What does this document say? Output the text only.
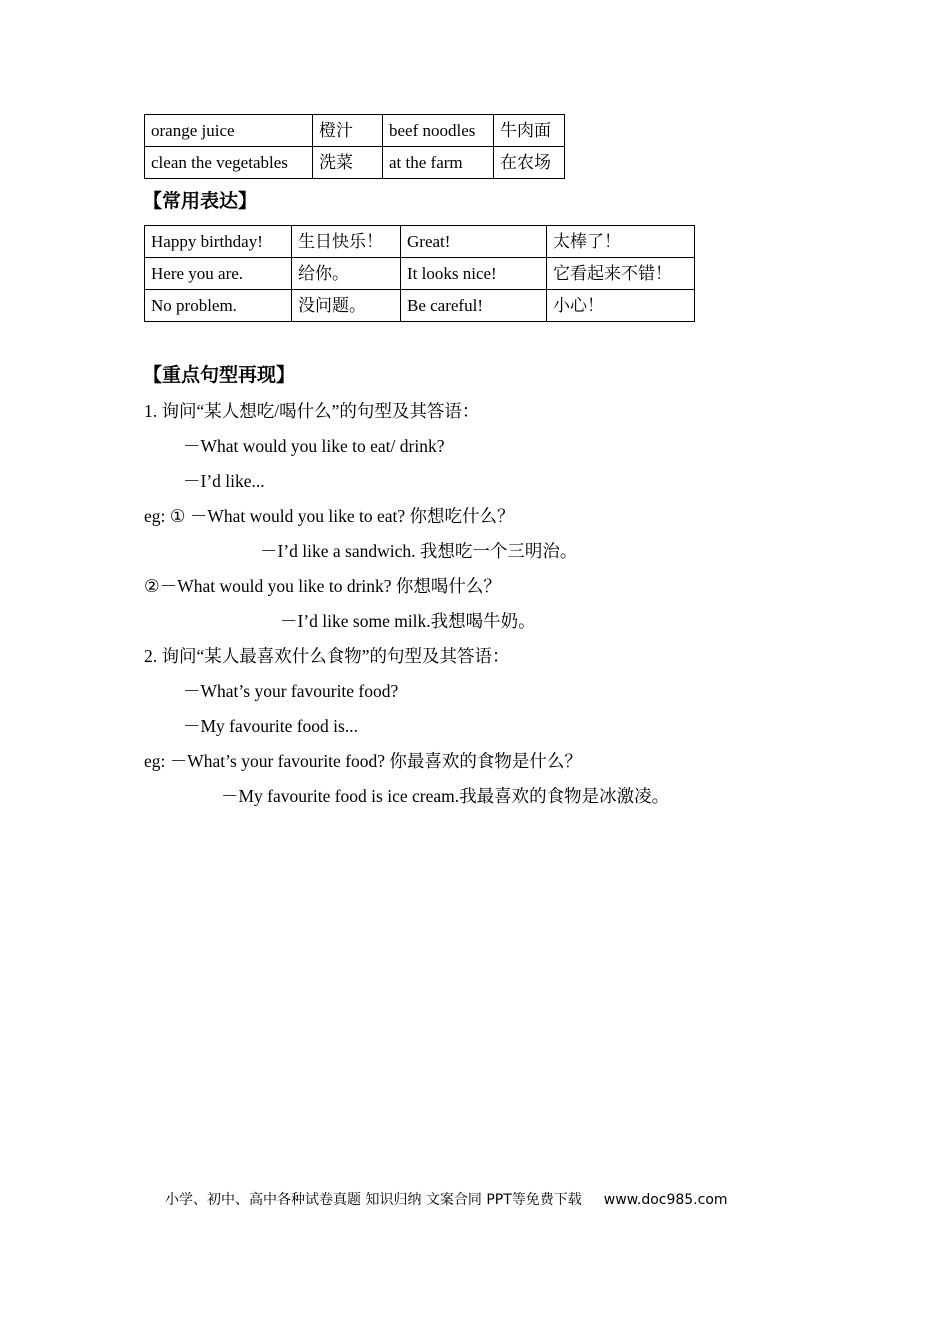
orange juice	橙汁	beef noodles	牛肉面
clean the vegetables	洗菜	at the farm	在农场
【常用表达】
Happy birthday!	生日快乐！	Great!	太棒了！
Here you are.	给你。	It looks nice!	它看起来不错！
No problem.	没问题。	Be careful!	小心！
【重点句型再现】
1. 询问“某人想吃/喝什么”的句型及其答语：
－What would you like to eat/ drink?
－I’d like...
eg: ① －What would you like to eat? 你想吃什么？
－I’d like a sandwich. 我想吃一个三明治。
②－What would you like to drink? 你想喝什么？
－I’d like some milk.我想喝牛奶。
2. 询问“某人最喜欢什么食物”的句型及其答语：
－What’s your favourite food?
－My favourite food is...
eg: －What’s your favourite food? 你最喜欢的食物是什么？
－My favourite food is ice cream.我最喜欢的食物是冰激凌。
小学、初中、高中各种试卷真题 知识归纳 文案合同 PPT等免费下载 www.doc985.com
